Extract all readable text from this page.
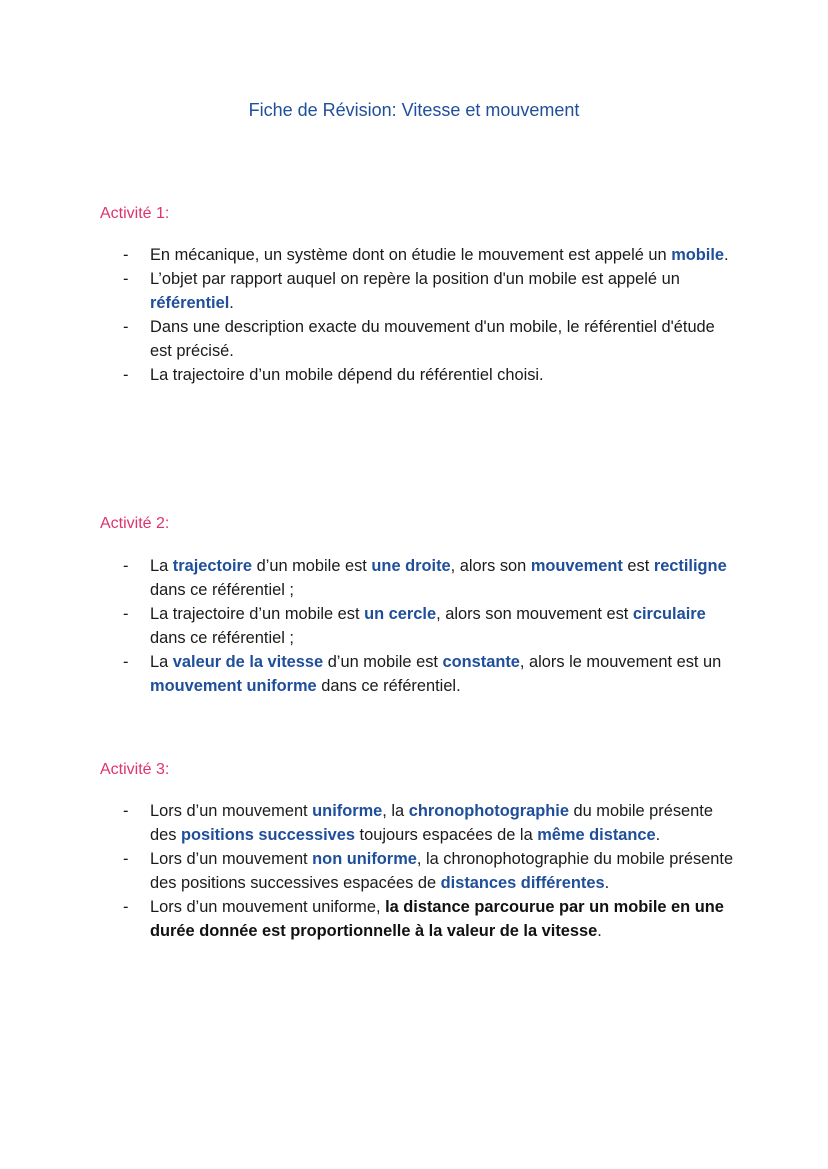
Fiche de Révision: Vitesse et mouvement
Activité 1:
- En mécanique, un système dont on étudie le mouvement est appelé un mobile.
- L’objet par rapport auquel on repère la position d'un mobile est appelé un référentiel.
- Dans une description exacte du mouvement d'un mobile, le référentiel d'étude est précisé.
- La trajectoire d’un mobile dépend du référentiel choisi.
Activité 2:
- La trajectoire d’un mobile est une droite, alors son mouvement est rectiligne dans ce référentiel ;
- La trajectoire d’un mobile est un cercle, alors son mouvement est circulaire dans ce référentiel ;
- La valeur de la vitesse d’un mobile est constante, alors le mouvement est un mouvement uniforme dans ce référentiel.
Activité 3:
- Lors d’un mouvement uniforme, la chronophotographie du mobile présente des positions successives toujours espacées de la même distance.
- Lors d’un mouvement non uniforme, la chronophotographie du mobile présente des positions successives espacées de distances différentes.
- Lors d’un mouvement uniforme, la distance parcourue par un mobile en une durée donnée est proportionnelle à la valeur de la vitesse.
